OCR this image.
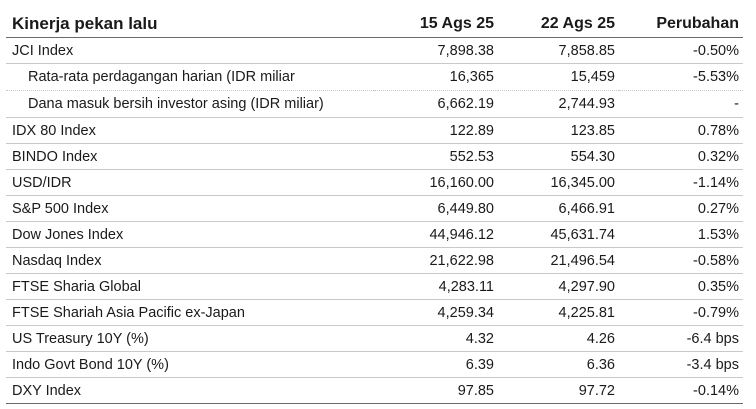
Kinerja pekan lalu	15 Ags 25	22 Ags 25	Perubahan
JCI Index	7,898.38	7,858.85	-0.50%
Rata-rata perdagangan harian (IDR miliar	16,365	15,459	-5.53%
Dana masuk bersih investor asing (IDR miliar)	6,662.19	2,744.93	-
IDX 80 Index	122.89	123.85	0.78%
BINDO Index	552.53	554.30	0.32%
USD/IDR	16,160.00	16,345.00	-1.14%
S&P 500 Index	6,449.80	6,466.91	0.27%
Dow Jones Index	44,946.12	45,631.74	1.53%
Nasdaq Index	21,622.98	21,496.54	-0.58%
FTSE Sharia Global	4,283.11	4,297.90	0.35%
FTSE Shariah Asia Pacific ex-Japan	4,259.34	4,225.81	-0.79%
US Treasury 10Y (%)	4.32	4.26	-6.4 bps
Indo Govt Bond 10Y (%)	6.39	6.36	-3.4 bps
DXY Index	97.85	97.72	-0.14%
